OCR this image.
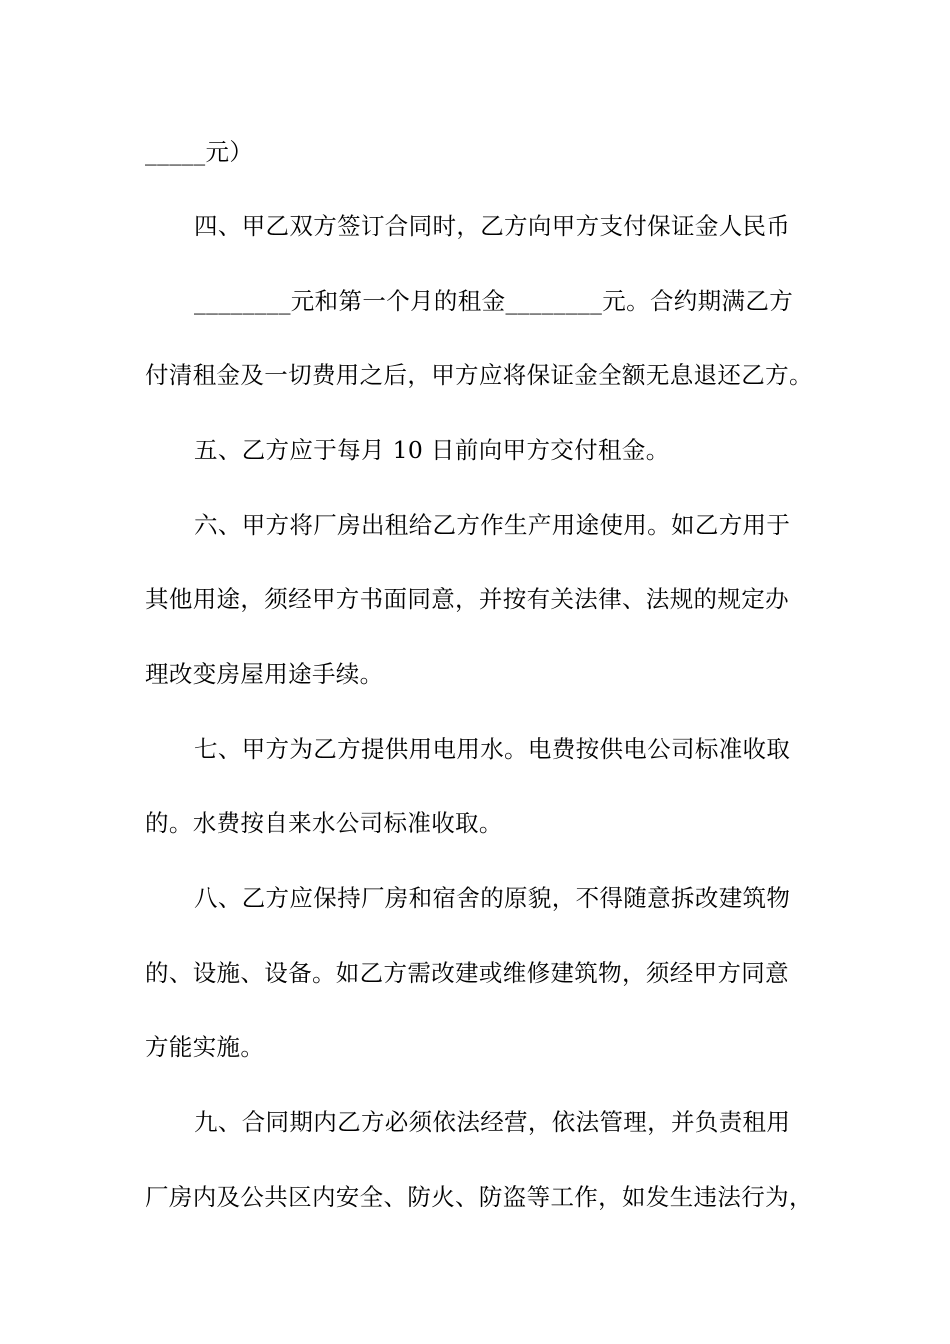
_____元）
四、甲乙双方签订合同时，乙方向甲方支付保证金人民币
________元和第一个月的租金________元。合约期满乙方
付清租金及一切费用之后，甲方应将保证金全额无息退还乙方。
五、乙方应于每月 10 日前向甲方交付租金。
六、甲方将厂房出租给乙方作生产用途使用。如乙方用于
其他用途，须经甲方书面同意，并按有关法律、法规的规定办
理改变房屋用途手续。
七、甲方为乙方提供用电用水。电费按供电公司标准收取
的。水费按自来水公司标准收取。
八、乙方应保持厂房和宿舍的原貌，不得随意拆改建筑物
的、设施、设备。如乙方需改建或维修建筑物，须经甲方同意
方能实施。
九、合同期内乙方必须依法经营，依法管理，并负责租用
厂房内及公共区内安全、防火、防盗等工作，如发生违法行为，
